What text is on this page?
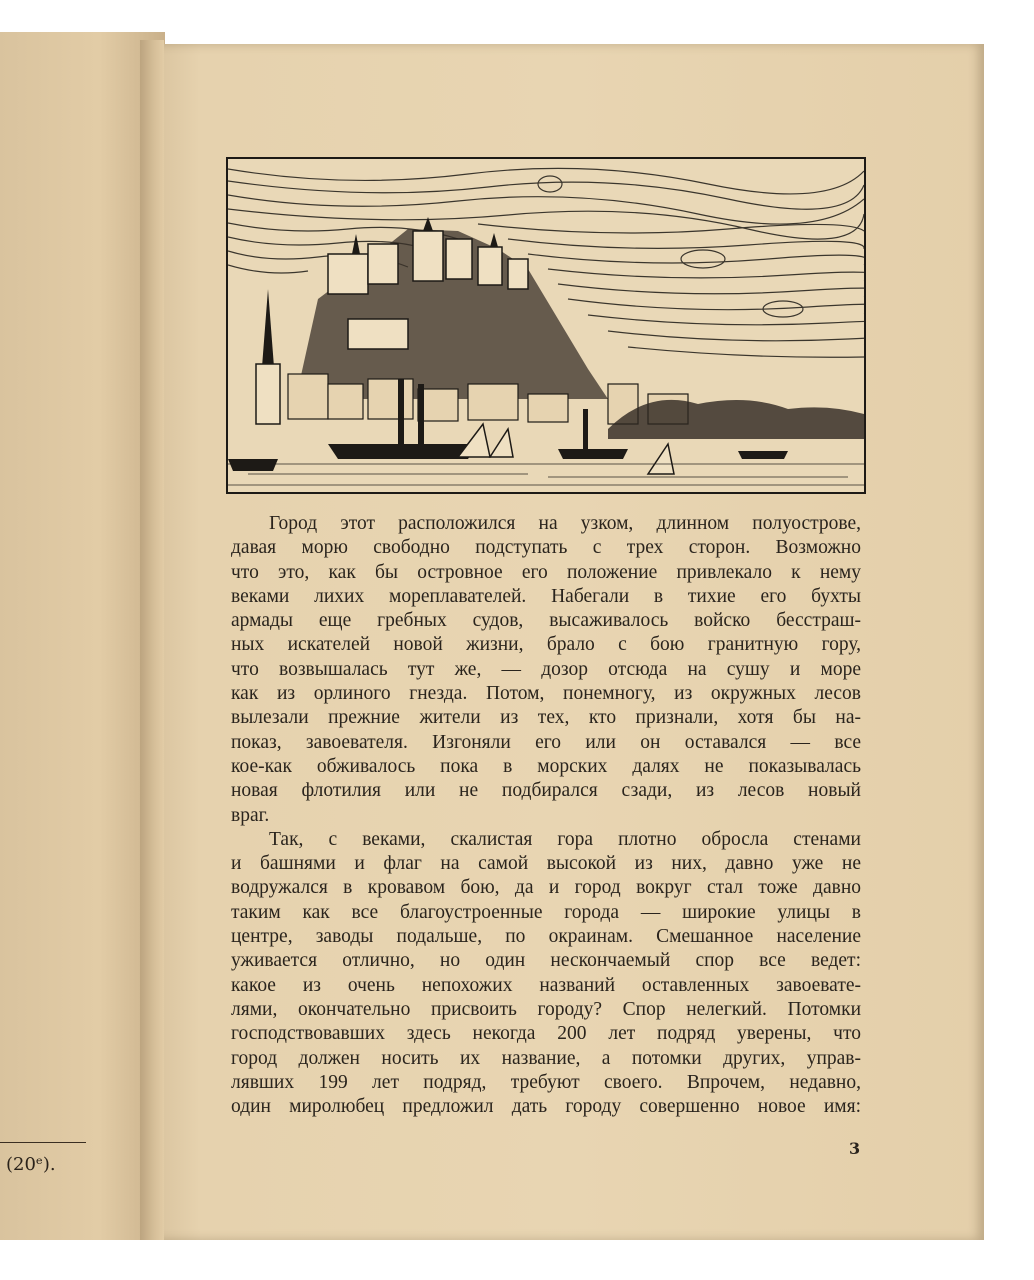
(20ᵉ).
Город этот расположился на узком, длинном полуострове,
давая морю свободно подступать с трех сторон. Возможно
что это, как бы островное его положение привлекало к нему
веками лихих мореплавателей. Набегали в тихие его бухты
армады еще гребных судов, высаживалось войско бесстраш-
ных искателей новой жизни, брало с бою гранитную гору,
что возвышалась тут же, — дозор отсюда на сушу и море
как из орлиного гнезда. Потом, понемногу, из окружных лесов
вылезали прежние жители из тех, кто признали, хотя бы на-
показ, завоевателя. Изгоняли его или он оставался — все
кое-как обживалось пока в морских далях не показывалась
новая флотилия или не подбирался сзади, из лесов новый
враг.
Так, с веками, скалистая гора плотно обросла стенами
и башнями и флаг на самой высокой из них, давно уже не
водружался в кровавом бою, да и город вокруг стал тоже давно
таким как все благоустроенные города — широкие улицы в
центре, заводы подальше, по окраинам. Смешанное население
уживается отлично, но один нескончаемый спор все ведет:
какое из очень непохожих названий оставленных завоевате-
лями, окончательно присвоить городу? Спор нелегкий. Потомки
господствовавших здесь некогда 200 лет подряд уверены, что
город должен носить их название, а потомки других, управ-
лявших 199 лет подряд, требуют своего. Впрочем, недавно,
один миролюбец предложил дать городу совершенно новое имя:
3
